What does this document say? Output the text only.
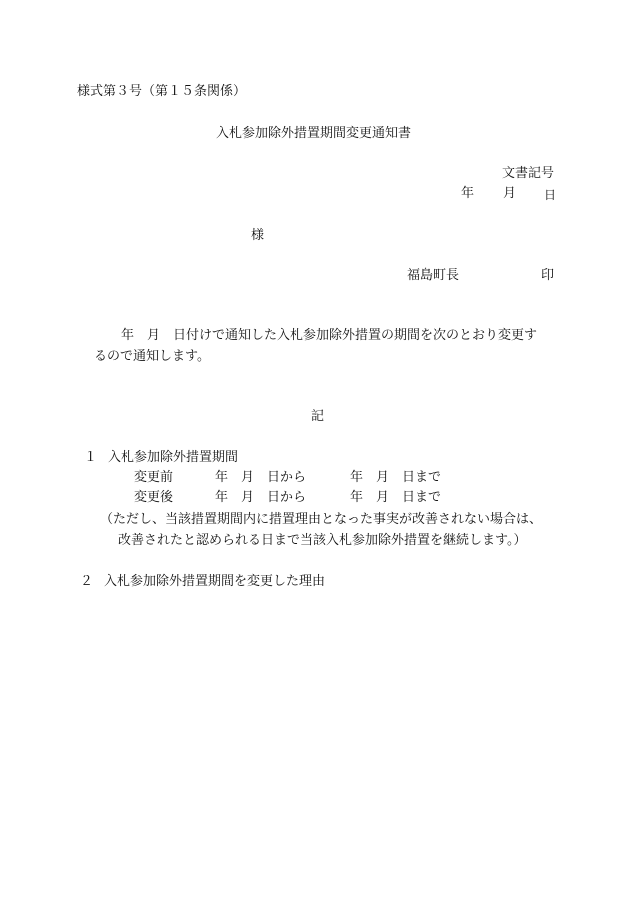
様式第３号（第１５条関係）
入札参加除外措置期間変更通知書
文書記号
年 月 日
様
福島町長	印
年　月　日付けで通知した入札参加除外措置の期間を次のとおり変更す
るので通知します。
記
１ 入札参加除外措置期間
変更前	年　月　日から	年　月　日まで
変更後	年　月　日から	年　月　日まで
（ただし、当該措置期間内に措置理由となった事実が改善されない場合は、
改善されたと認められる日まで当該入札参加除外措置を継続します。）
２ 入札参加除外措置期間を変更した理由
